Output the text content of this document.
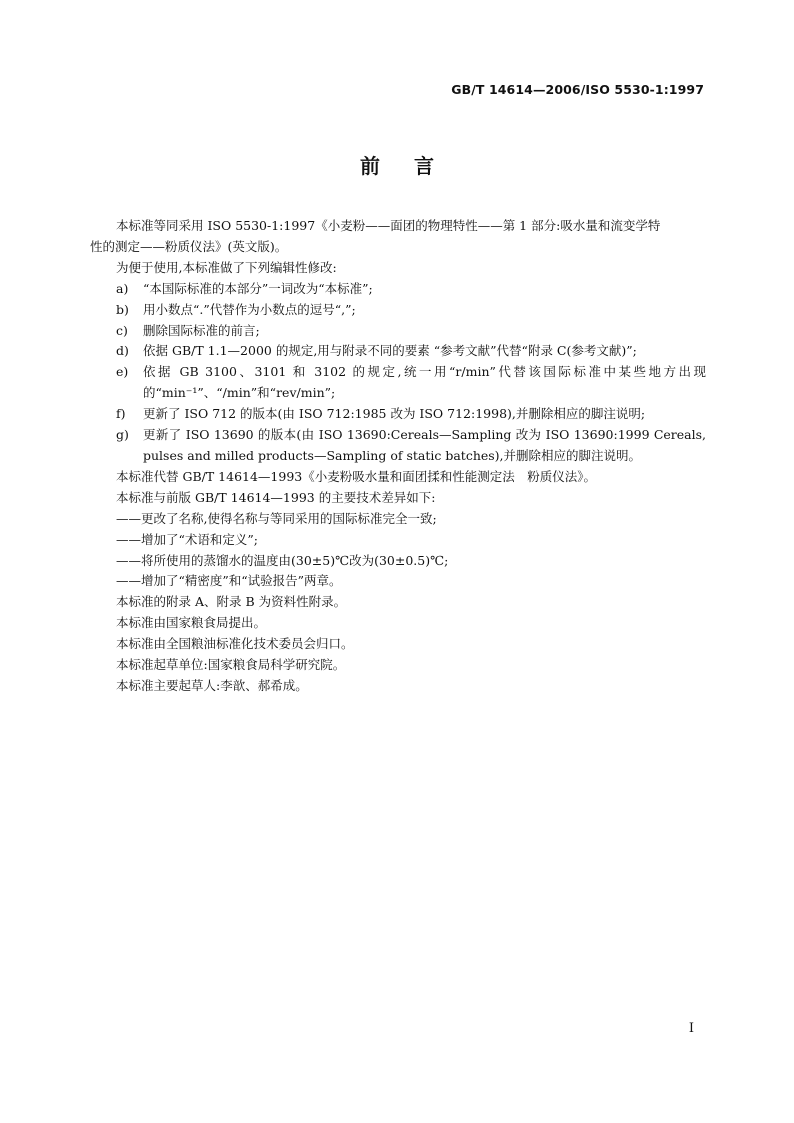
GB/T 14614—2006/ISO 5530-1:1997
前言

本标准等同采用 ISO 5530-1:1997《小麦粉——面团的物理特性——第 1 部分:吸水量和流变学特
性的测定——粉质仪法》(英文版)。

为便于使用,本标准做了下列编辑性修改:

a)	“本国际标准的本部分”一词改为“本标准”;
b)	用小数点“.”代替作为小数点的逗号“,”;
c)	删除国际标准的前言;
d)	依据 GB/T 1.1—2000 的规定,用与附录不同的要素 “参考文献”代替“附录 C(参考文献)”;
e)	依据 GB 3100、3101 和 3102 的规定,统一用“r/min”代替该国际标准中某些地方出现的“min⁻¹”、“/min”和“rev/min”;
f)	更新了 ISO 712 的版本(由 ISO 712:1985 改为 ISO 712:1998),并删除相应的脚注说明;
g)	更新了 ISO 13690 的版本(由 ISO 13690:Cereals—Sampling 改为 ISO 13690:1999 Cereals, pulses and milled products—Sampling of static batches),并删除相应的脚注说明。

本标准代替 GB/T 14614—1993《小麦粉吸水量和面团揉和性能测定法　粉质仪法》。

本标准与前版 GB/T 14614—1993 的主要技术差异如下:

——更改了名称,使得名称与等同采用的国际标准完全一致;

——增加了“术语和定义”;

——将所使用的蒸馏水的温度由(30±5)℃改为(30±0.5)℃;

——增加了“精密度”和“试验报告”两章。

本标准的附录 A、附录 B 为资料性附录。

本标准由国家粮食局提出。

本标准由全国粮油标准化技术委员会归口。

本标准起草单位:国家粮食局科学研究院。

本标准主要起草人:李歆、郝希成。

I
